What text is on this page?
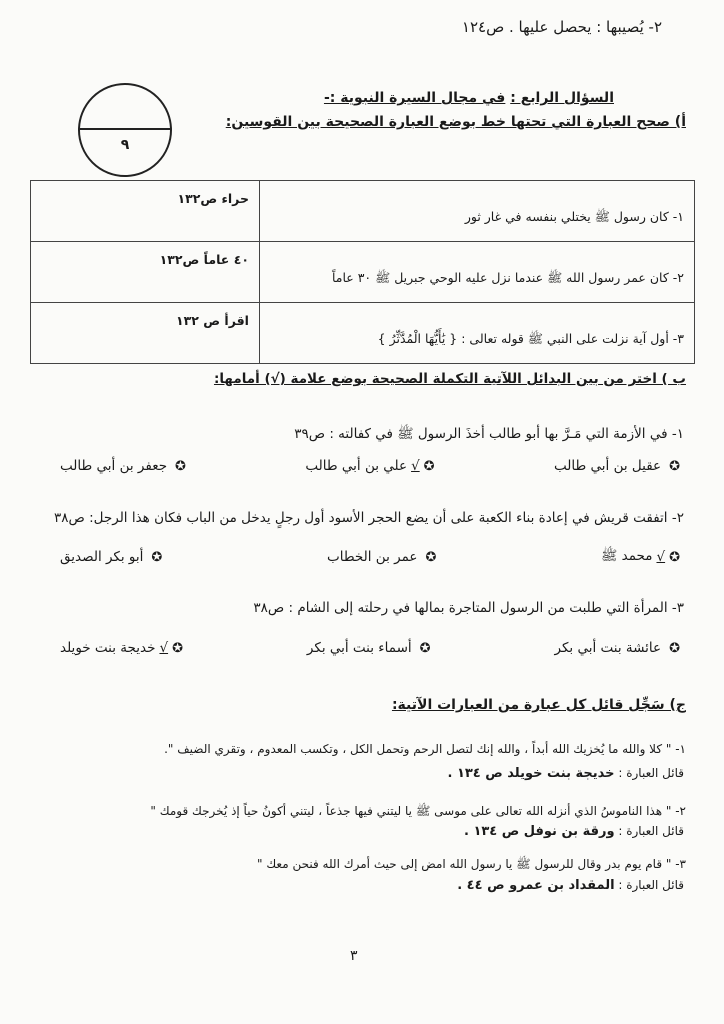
٢- يُصيبها : يحصل عليها . ص١٢٤
٩
السؤال الرابع : في مجال السيرة النبوية :-
أ) صحح العبارة التي تحتها خط بوضع العبارة الصحيحة بين القوسين:
١- كان رسول ﷺ يختلي بنفسه في غار ثور	حراء ص١٣٢
٢- كان عمر رسول الله ﷺ عندما نزل عليه الوحي جبريل ﷺ ٣٠ عاماً	٤٠ عاماً ص١٣٢
٣- أول آية نزلت على النبي ﷺ قوله تعالى : { يَٰأَيُّهَا الْمُدَّثِّرُ }	اقرأ ص ١٣٢
ب ) اختر من بين البدائل اللآتية التكملة الصحيحة بوضع علامة (√) أمامها:
١- في الأزمة التي مَـرَّ بها أبو طالب أخذَ الرسول ﷺ في كفالته : ص٣٩
✪
عقيل بن أبي طالب
✪
√
علي بن أبي طالب
✪
جعفر بن أبي طالب
٢- اتفقت قريش في إعادة بناء الكعبة على أن يضع الحجر الأسود أول رجلٍ يدخل من الباب فكان هذا الرجل: ص٣٨
✪
√
محمد ﷺ
✪
عمر بن الخطاب
✪
أبو بكر الصديق
٣- المرأة التي طلبت من الرسول المتاجرة بمالها في رحلته إلى الشام : ص٣٨
✪
عائشة بنت أبي بكر
✪
أسماء بنت أبي بكر
✪
√
خديجة بنت خويلد
ج) سَجِّل قائل كل عبارة من العبارات الآتية:
١- " كلا والله ما يُخزيك الله أبداً ، والله إنك لتصل الرحم وتحمل الكل ، وتكسب المعدوم ، وتقري الضيف ".
قائل العبارة : خديجة بنت خويلد ص ١٣٤ .
٢- " هذا الناموسُ الذي أنزله الله تعالى على موسى ﷺ يا ليتني فيها جذعاً ، ليتني أكونُ حياً إذ يُخرجك قومك "
قائل العبارة : ورقة بن نوفل ص ١٣٤ .
٣- " قام يوم بدر وقال للرسول ﷺ يا رسول الله امض إلى حيث أمرك الله فنحن معك "
قائل العبارة : المقداد بن عمرو ص ٤٤ .
٣
